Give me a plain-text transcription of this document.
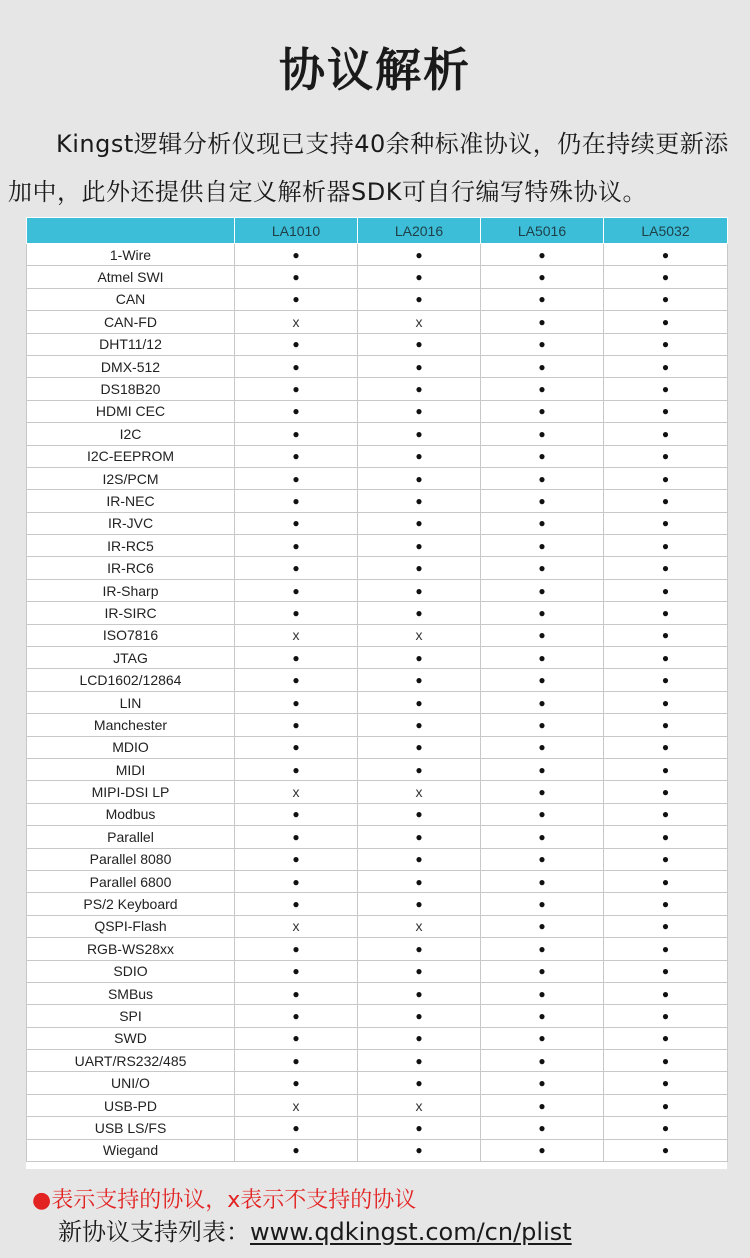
协议解析
Kingst逻辑分析仪现已支持40余种标准协议，仍在持续更新添加中，此外还提供自定义解析器SDK可自行编写特殊协议。
	LA1010	LA2016	LA5016	LA5032
1-Wire	●	●	●	●
Atmel SWI	●	●	●	●
CAN	●	●	●	●
CAN-FD	x	x	●	●
DHT11/12	●	●	●	●
DMX-512	●	●	●	●
DS18B20	●	●	●	●
HDMI CEC	●	●	●	●
I2C	●	●	●	●
I2C-EEPROM	●	●	●	●
I2S/PCM	●	●	●	●
IR-NEC	●	●	●	●
IR-JVC	●	●	●	●
IR-RC5	●	●	●	●
IR-RC6	●	●	●	●
IR-Sharp	●	●	●	●
IR-SIRC	●	●	●	●
ISO7816	x	x	●	●
JTAG	●	●	●	●
LCD1602/12864	●	●	●	●
LIN	●	●	●	●
Manchester	●	●	●	●
MDIO	●	●	●	●
MIDI	●	●	●	●
MIPI-DSI LP	x	x	●	●
Modbus	●	●	●	●
Parallel	●	●	●	●
Parallel 8080	●	●	●	●
Parallel 6800	●	●	●	●
PS/2 Keyboard	●	●	●	●
QSPI-Flash	x	x	●	●
RGB-WS28xx	●	●	●	●
SDIO	●	●	●	●
SMBus	●	●	●	●
SPI	●	●	●	●
SWD	●	●	●	●
UART/RS232/485	●	●	●	●
UNI/O	●	●	●	●
USB-PD	x	x	●	●
USB LS/FS	●	●	●	●
Wiegand	●	●	●	●
●表示支持的协议，x表示不支持的协议
新协议支持列表：www.qdkingst.com/cn/plist
